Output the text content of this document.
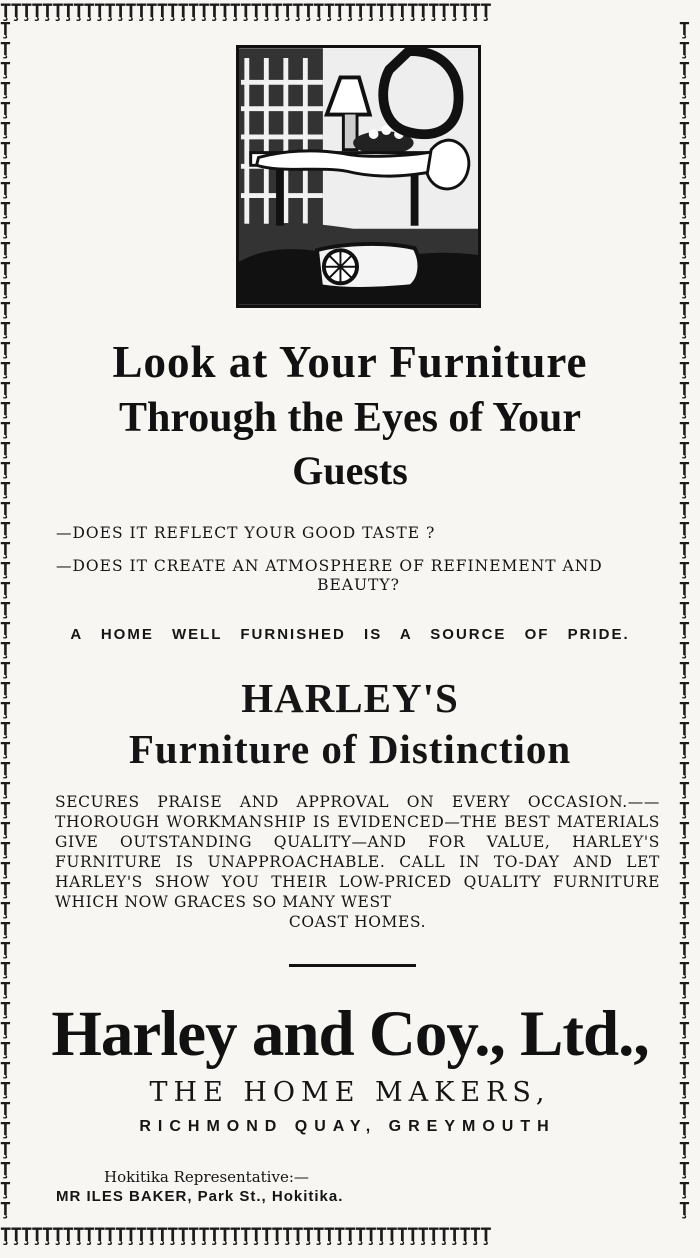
ŢŢŢŢŢŢŢŢŢŢŢŢŢŢŢŢŢŢŢŢŢŢŢŢŢŢŢŢŢŢŢŢŢŢŢŢŢŢŢŢŢŢŢŢŢŢŢ
ŢŢŢŢŢŢŢŢŢŢŢŢŢŢŢŢŢŢŢŢŢŢŢŢŢŢŢŢŢŢŢŢŢŢŢŢŢŢŢŢŢŢŢŢŢŢŢ
ŢŢŢŢŢŢŢŢŢŢŢŢŢŢŢŢŢŢŢŢŢŢŢŢŢŢŢŢŢŢŢŢŢŢŢŢŢŢŢŢŢŢŢŢŢŢŢŢŢŢŢŢŢŢŢŢŢŢŢŢ
ŢŢŢŢŢŢŢŢŢŢŢŢŢŢŢŢŢŢŢŢŢŢŢŢŢŢŢŢŢŢŢŢŢŢŢŢŢŢŢŢŢŢŢŢŢŢŢŢŢŢŢŢŢŢŢŢŢŢŢŢ
Look at Your Furniture
Through the Eyes of Your
Guests
—DOES IT REFLECT YOUR GOOD TASTE ?
—DOES IT CREATE AN ATMOSPHERE OF REFINEMENT AND
BEAUTY?
A HOME WELL FURNISHED IS A SOURCE OF PRIDE.
HARLEY'S
Furniture of Distinction
SECURES PRAISE AND APPROVAL ON EVERY OCCASION.—— THOROUGH WORKMANSHIP IS EVIDENCED—THE BEST MATERIALS GIVE OUTSTANDING QUALITY—AND FOR VALUE, HARLEY'S FURNITURE IS UNAPPROACHABLE. CALL IN TO-DAY AND LET HARLEY'S SHOW YOU THEIR LOW-PRICED QUALITY FURNITURE WHICH NOW GRACES SO MANY WEST
COAST HOMES.
Harley and Coy., Ltd.,
THE HOME MAKERS,
RICHMOND QUAY, GREYMOUTH
Hokitika Representative:—
MR ILES BAKER, Park St., Hokitika.
